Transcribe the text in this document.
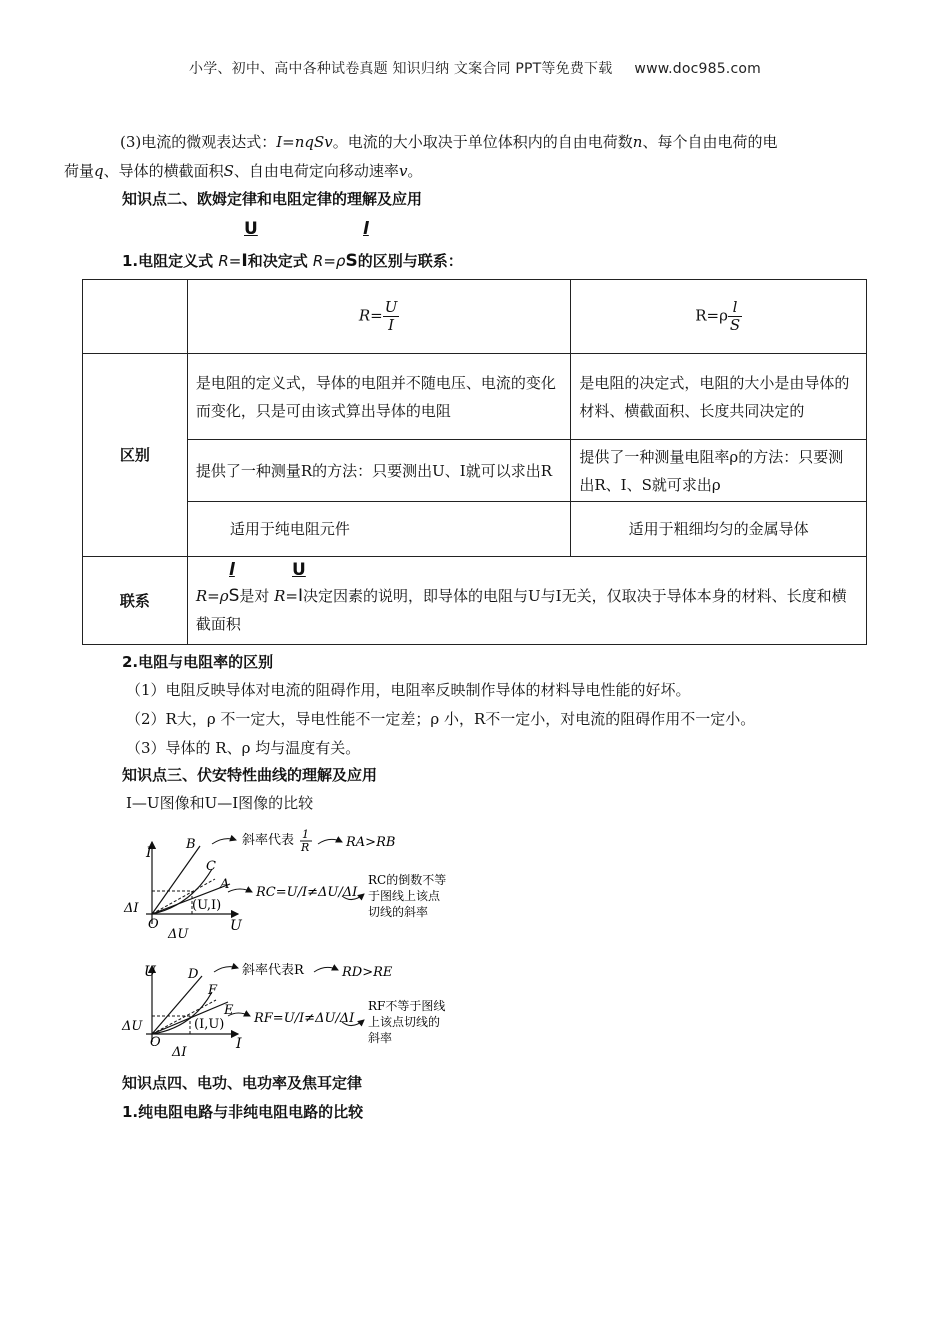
小学、初中、高中各种试卷真题 知识归纳 文案合同 PPT等免费下载 www.doc985.com
(3)电流的微观表达式：I=nqSv。电流的大小取决于单位体积内的自由电荷数n、每个自由电荷的电
荷量q、导体的横截面积S、自由电荷定向移动速率v。
知识点二、欧姆定律和电阻定律的理解及应用
U	l
1.电阻定义式 R=I和决定式 R=ρS的区别与联系：
	$R= \frac{U}{I}$	$R=\rho \frac{l}{S}$

区别	是电阻的定义式，导体的电阻并不随电压、电流的变化而变化，只是可由该式算出导体的电阻	是电阻的决定式，电阻的大小是由导体的材料、横截面积、长度共同决定的
	提供了一种测量R的方法：只要测出U、I就可以求出R	提供了一种测量电阻率ρ的方法：只要测出R、I、S就可求出ρ
	适用于纯电阻元件	适用于粗细均匀的金属导体
联系	R=ρS是对 R=I决定因素的说明，即导体的电阻与U与I无关，仅取决于导体本身的材料、长度和横截面积	
l	U
2.电阻与电阻率的区别
（1）电阻反映导体对电流的阻碍作用，电阻率反映制作导体的材料导电性能的好坏。
（2）R大，ρ 不一定大，导电性能不一定差；ρ 小，R不一定小，对电流的阻碍作用不一定小。
（3）导体的 R、ρ 均与温度有关。
知识点三、伏安特性曲线的理解及应用
I—U图像和U—I图像的比较
I
U
O
B
C
A
(U,I)
ΔI
ΔU
斜率代表 1
R	RA>RB
RC=U/I≠ΔU/ΔI
RC的倒数不等
于图线上该点
切线的斜率
U
I
O
D
F
E
(I,U)
ΔU
ΔI
斜率代表R	RD>RE
RF=U/I≠ΔU/ΔI
RF不等于图线
上该点切线的
斜率
知识点四、电功、电功率及焦耳定律
1.纯电阻电路与非纯电阻电路的比较
